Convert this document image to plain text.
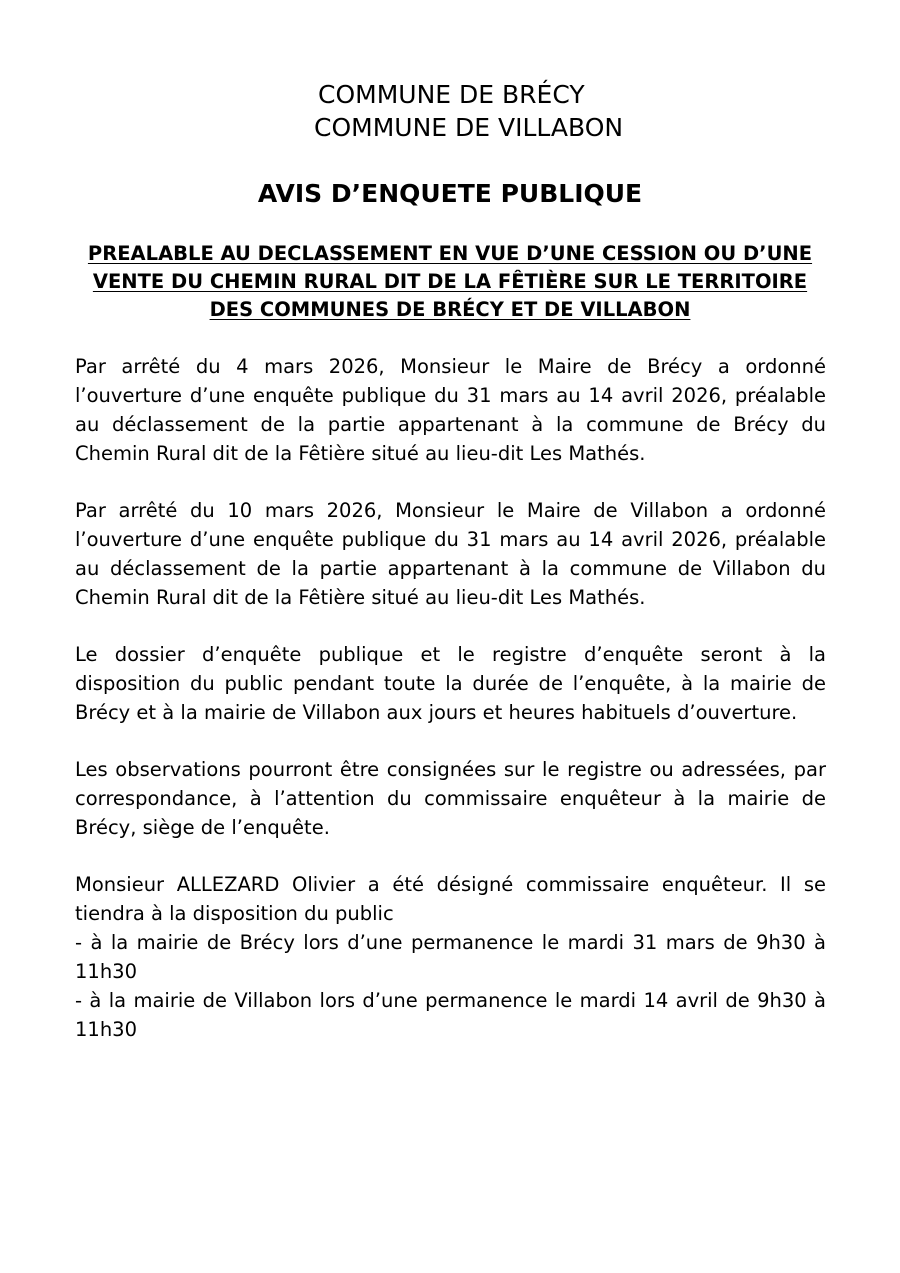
COMMUNE DE BRÉCY
COMMUNE DE VILLABON
AVIS D’ENQUETE PUBLIQUE
PREALABLE AU DECLASSEMENT EN VUE D’UNE CESSION OU D’UNE VENTE DU CHEMIN RURAL DIT DE LA FÊTIÈRE SUR LE TERRITOIRE DES COMMUNES DE BRÉCY ET DE VILLABON

Par arrêté du 4 mars 2026, Monsieur le Maire de Brécy a ordonné l’ouverture d’une enquête publique du 31 mars au 14 avril 2026, préalable au déclassement de la partie appartenant à la commune de Brécy du Chemin Rural dit de la Fêtière situé au lieu-dit Les Mathés.

Par arrêté du 10 mars 2026, Monsieur le Maire de Villabon a ordonné l’ouverture d’une enquête publique du 31 mars au 14 avril 2026, préalable au déclassement de la partie appartenant à la commune de Villabon du Chemin Rural dit de la Fêtière situé au lieu-dit Les Mathés.

Le dossier d’enquête publique et le registre d’enquête seront à la disposition du public pendant toute la durée de l’enquête, à la mairie de Brécy et à la mairie de Villabon aux jours et heures habituels d’ouverture.

Les observations pourront être consignées sur le registre ou adressées, par correspondance, à l’attention du commissaire enquêteur à la mairie de Brécy, siège de l’enquête.

Monsieur ALLEZARD Olivier a été désigné commissaire enquêteur. Il se tiendra à la disposition du public

- à la mairie de Brécy lors d’une permanence le mardi 31 mars de 9h30 à 11h30

- à la mairie de Villabon lors d’une permanence le mardi 14 avril de 9h30 à 11h30
